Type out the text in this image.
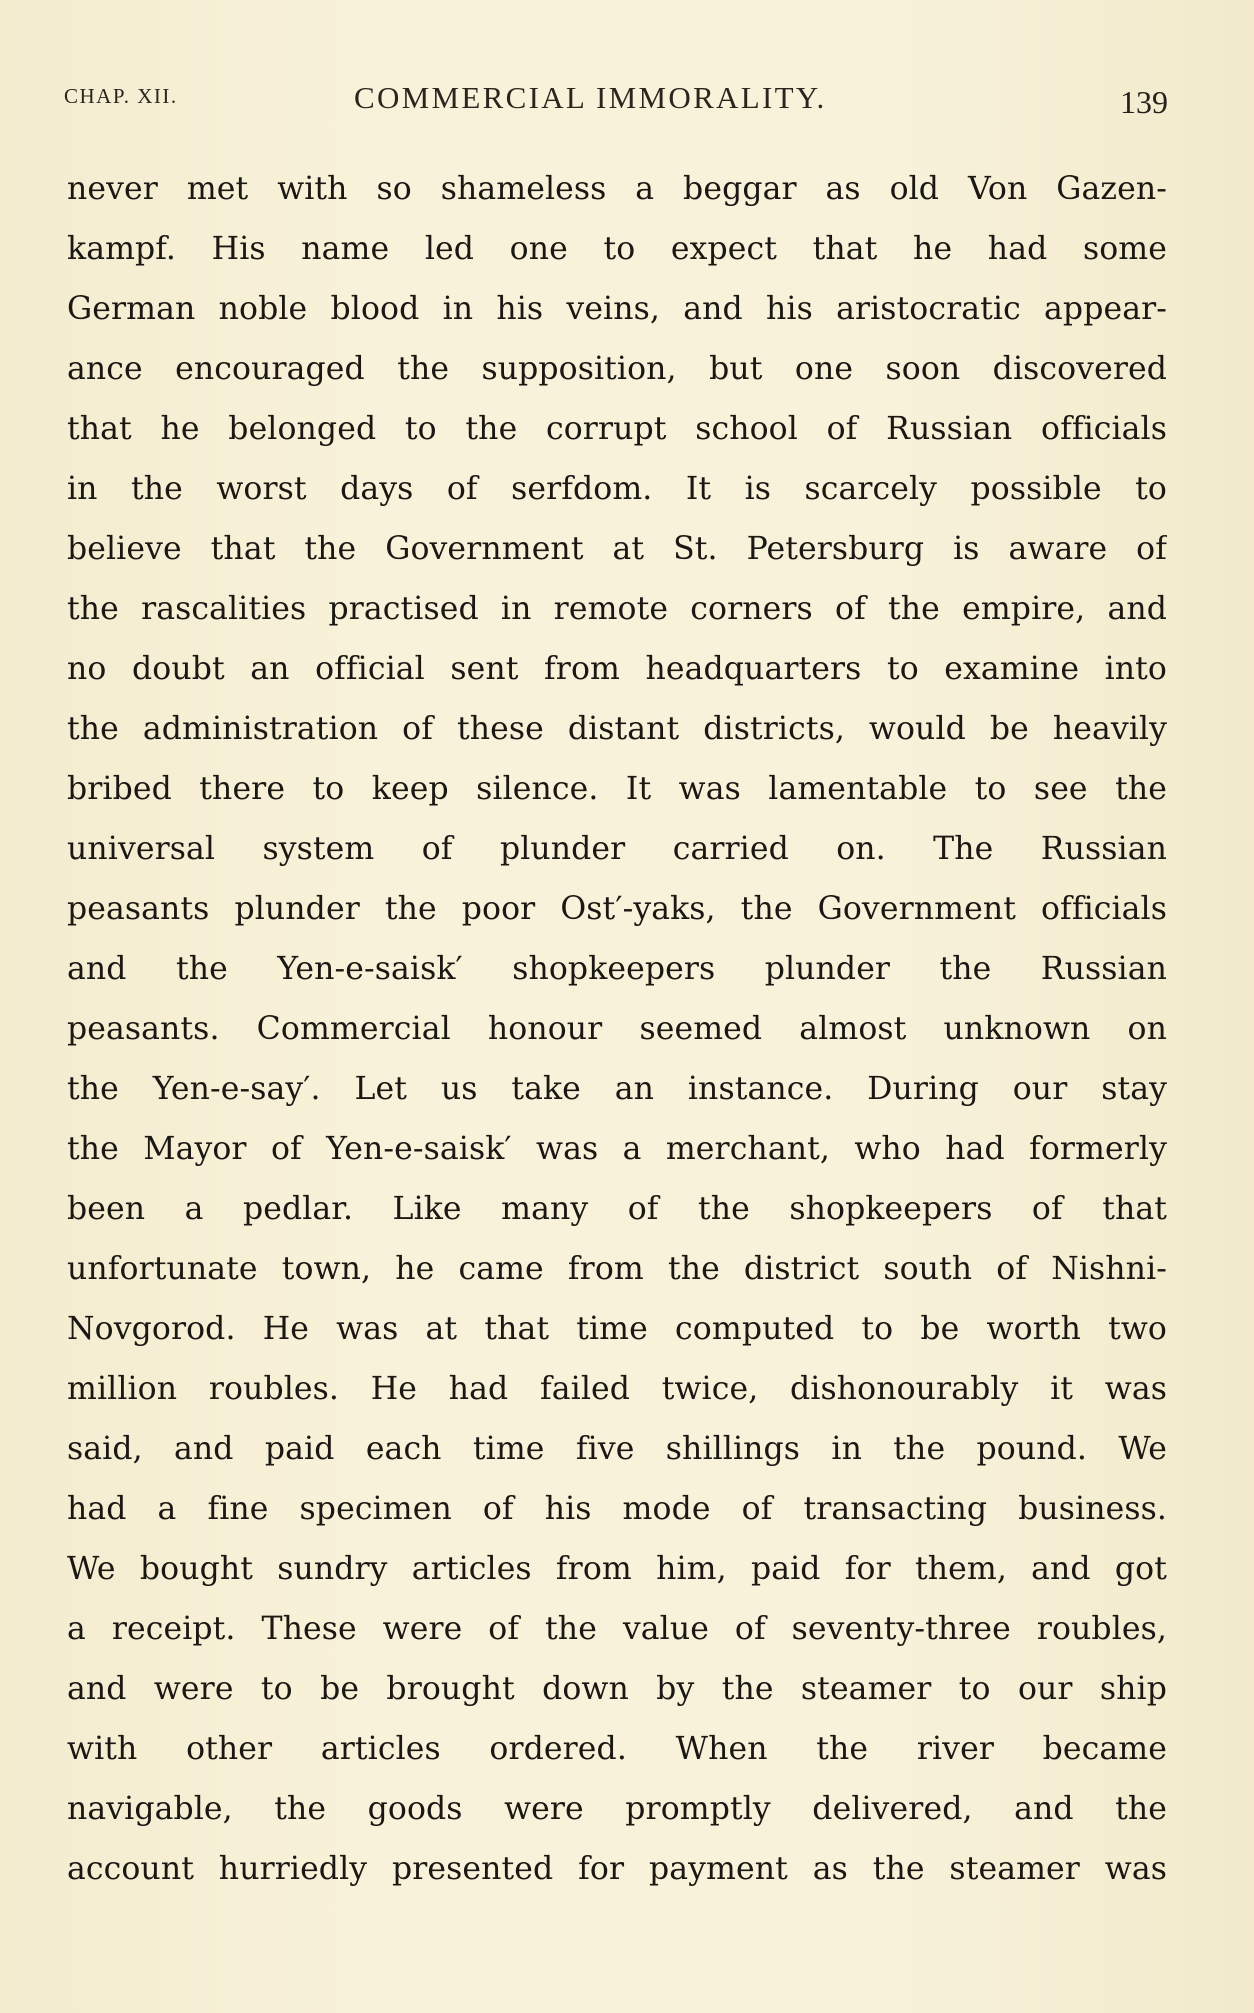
CHAP. XII.	COMMERCIAL IMMORALITY.	139
never met with so shameless a beggar as old Von Gazen-
kampf. His name led one to expect that he had some
German noble blood in his veins, and his aristocratic appear-
ance encouraged the supposition, but one soon discovered
that he belonged to the corrupt school of Russian officials
in the worst days of serfdom. It is scarcely possible to
believe that the Government at St. Petersburg is aware of
the rascalities practised in remote corners of the empire, and
no doubt an official sent from headquarters to examine into
the administration of these distant districts, would be heavily
bribed there to keep silence. It was lamentable to see the
universal system of plunder carried on. The Russian
peasants plunder the poor Ost′-yaks, the Government officials
and the Yen-e-saisk′ shopkeepers plunder the Russian
peasants. Commercial honour seemed almost unknown on
the Yen-e-say′. Let us take an instance. During our stay
the Mayor of Yen-e-saisk′ was a merchant, who had formerly
been a pedlar. Like many of the shopkeepers of that
unfortunate town, he came from the district south of Nishni-
Novgorod. He was at that time computed to be worth two
million roubles. He had failed twice, dishonourably it was
said, and paid each time five shillings in the pound. We
had a fine specimen of his mode of transacting business.
We bought sundry articles from him, paid for them, and got
a receipt. These were of the value of seventy-three roubles,
and were to be brought down by the steamer to our ship
with other articles ordered. When the river became
navigable, the goods were promptly delivered, and the
account hurriedly presented for payment as the steamer was
